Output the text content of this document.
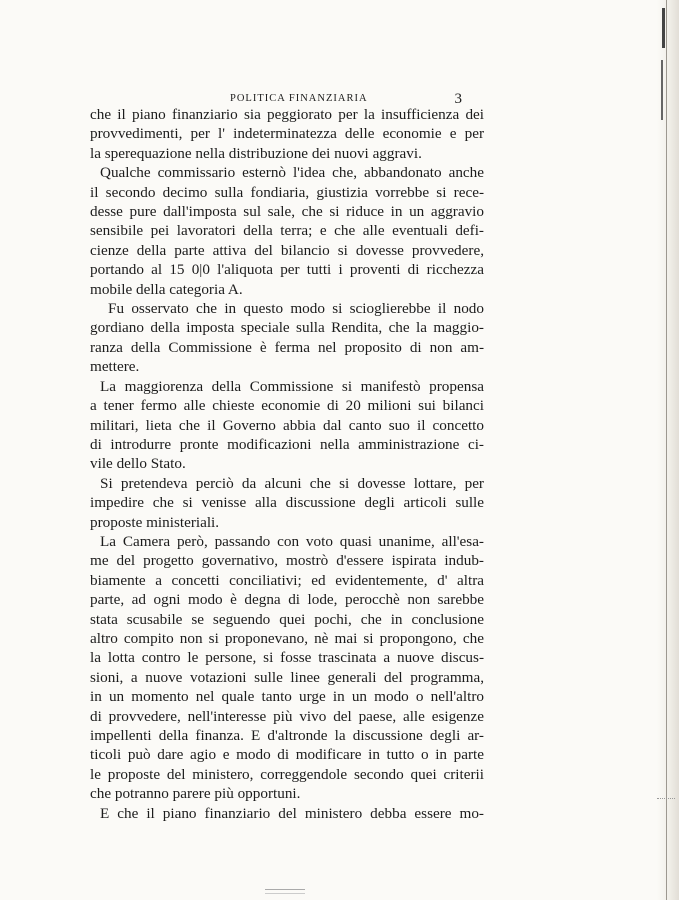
POLITICA FINANZIARIA	3
che il piano finanziario sia peggiorato per la insufficienza dei
provvedimenti, per l' indeterminatezza delle economie e per
la sperequazione nella distribuzione dei nuovi aggravi.
Qualche commissario esternò l'idea che, abbandonato anche
il secondo decimo sulla fondiaria, giustizia vorrebbe si rece-
desse pure dall'imposta sul sale, che si riduce in un aggravio
sensibile pei lavoratori della terra; e che alle eventuali defi-
cienze della parte attiva del bilancio si dovesse provvedere,
portando al 15 0|0 l'aliquota per tutti i proventi di ricchezza
mobile della categoria A.
Fu osservato che in questo modo si scioglierebbe il nodo
gordiano della imposta speciale sulla Rendita, che la maggio-
ranza della Commissione è ferma nel proposito di non am-
mettere.
La maggiorenza della Commissione si manifestò propensa
a tener fermo alle chieste economie di 20 milioni sui bilanci
militari, lieta che il Governo abbia dal canto suo il concetto
di introdurre pronte modificazioni nella amministrazione ci-
vile dello Stato.
Si pretendeva perciò da alcuni che si dovesse lottare, per
impedire che si venisse alla discussione degli articoli sulle
proposte ministeriali.
La Camera però, passando con voto quasi unanime, all'esa-
me del progetto governativo, mostrò d'essere ispirata indub-
biamente a concetti conciliativi; ed evidentemente, d' altra
parte, ad ogni modo è degna di lode, perocchè non sarebbe
stata scusabile se seguendo quei pochi, che in conclusione
altro compito non si proponevano, nè mai si propongono, che
la lotta contro le persone, si fosse trascinata a nuove discus-
sioni, a nuove votazioni sulle linee generali del programma,
in un momento nel quale tanto urge in un modo o nell'altro
di provvedere, nell'interesse più vivo del paese, alle esigenze
impellenti della finanza. E d'altronde la discussione degli ar-
ticoli può dare agio e modo di modificare in tutto o in parte
le proposte del ministero, correggendole secondo quei criterii
che potranno parere più opportuni.
E che il piano finanziario del ministero debba essere mo-
